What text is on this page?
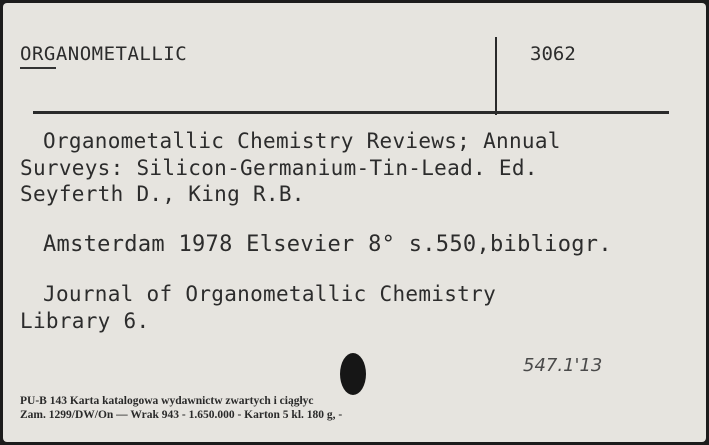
ORGANOMETALLIC	3062
Organometallic Chemistry Reviews; Annual
Surveys: Silicon-Germanium-Tin-Lead. Ed.
Seyferth D., King R.B.
Amsterdam 1978 Elsevier 8° s.550,bibliogr.
Journal of Organometallic Chemistry
Library 6.
547.1'13
PU-B 143 Karta katalogowa wydawnictw zwartych i ciągłyc
Zam. 1299/DW/On — Wrak 943 - 1.650.000 - Karton 5 kl. 180 g, -
